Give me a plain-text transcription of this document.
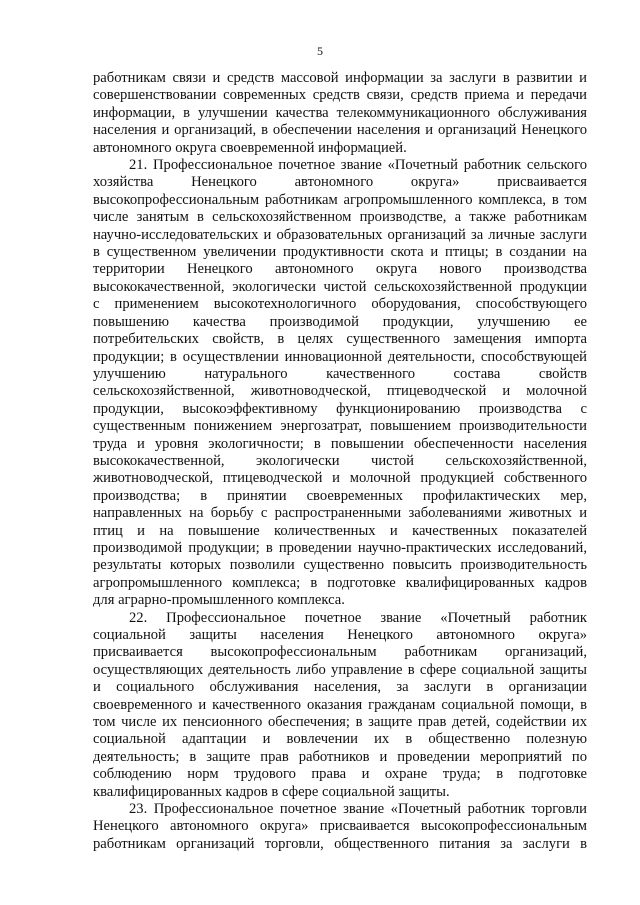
5

работникам связи и средств массовой информации за заслуги в развитии и
совершенствовании современных средств связи, средств приема и передачи
информации, в улучшении качества телекоммуникационного обслуживания
населения и организаций, в обеспечении населения и организаций Ненецкого
автономного округа своевременной информацией.

21. Профессиональное почетное звание «Почетный работник сельского
хозяйства Ненецкого автономного округа» присваивается
высокопрофессиональным работникам агропромышленного комплекса, в том
числе занятым в сельскохозяйственном производстве, а также работникам
научно-исследовательских и образовательных организаций за личные заслуги
в существенном увеличении продуктивности скота и птицы; в создании на
территории Ненецкого автономного округа нового производства
высококачественной, экологически чистой сельскохозяйственной продукции
с применением высокотехнологичного оборудования, способствующего
повышению качества производимой продукции, улучшению ее
потребительских свойств, в целях существенного замещения импорта
продукции; в осуществлении инновационной деятельности, способствующей
улучшению натурального качественного состава свойств
сельскохозяйственной, животноводческой, птицеводческой и молочной
продукции, высокоэффективному функционированию производства с
существенным понижением энергозатрат, повышением производительности
труда и уровня экологичности; в повышении обеспеченности населения
высококачественной, экологически чистой сельскохозяйственной,
животноводческой, птицеводческой и молочной продукцией собственного
производства; в принятии своевременных профилактических мер,
направленных на борьбу с распространенными заболеваниями животных и
птиц и на повышение количественных и качественных показателей
производимой продукции; в проведении научно-практических исследований,
результаты которых позволили существенно повысить производительность
агропромышленного комплекса; в подготовке квалифицированных кадров
для аграрно-промышленного комплекса.

22. Профессиональное почетное звание «Почетный работник
социальной защиты населения Ненецкого автономного округа»
присваивается высокопрофессиональным работникам организаций,
осуществляющих деятельность либо управление в сфере социальной защиты
и социального обслуживания населения, за заслуги в организации
своевременного и качественного оказания гражданам социальной помощи, в
том числе их пенсионного обеспечения; в защите прав детей, содействии их
социальной адаптации и вовлечении их в общественно полезную
деятельность; в защите прав работников и проведении мероприятий по
соблюдению норм трудового права и охране труда; в подготовке
квалифицированных кадров в сфере социальной защиты.

23. Профессиональное почетное звание «Почетный работник торговли
Ненецкого автономного округа» присваивается высокопрофессиональным
работникам организаций торговли, общественного питания за заслуги в
